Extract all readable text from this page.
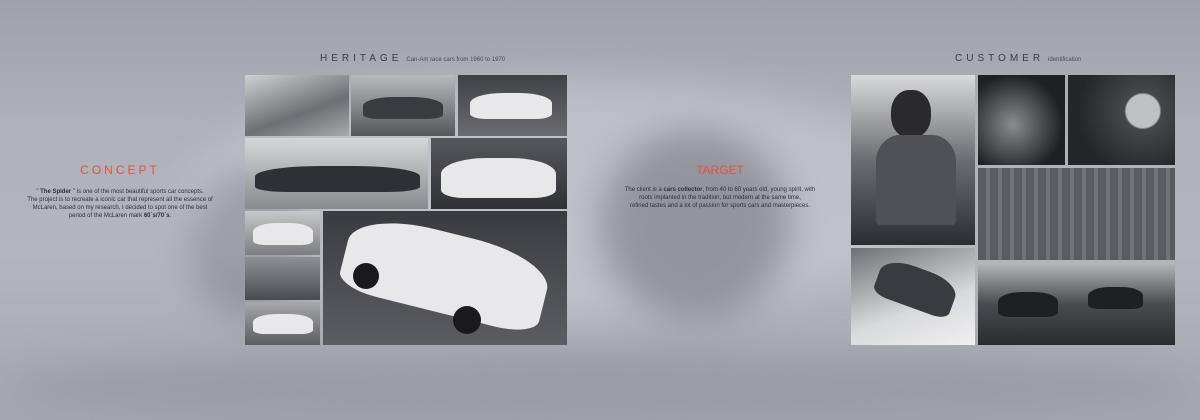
CONCEPT
" The Spider " is one of the most beautiful sports car concepts.
The project is to recreate a iconic car that represent all the essence of
McLaren, based on my research, I decided to spot one of the best
period of the McLaren mark 60´s/70´s.
HERITAGE Can-Am race cars from 1960 to 1970
TARGET
The client is a cars collector, from 40 to 60 years old, young spirit, with
roots implanted in the tradition, but modern at the same time,
refined tastes and a lot of passion for sports cars and masterpieces.
CUSTOMER identification
